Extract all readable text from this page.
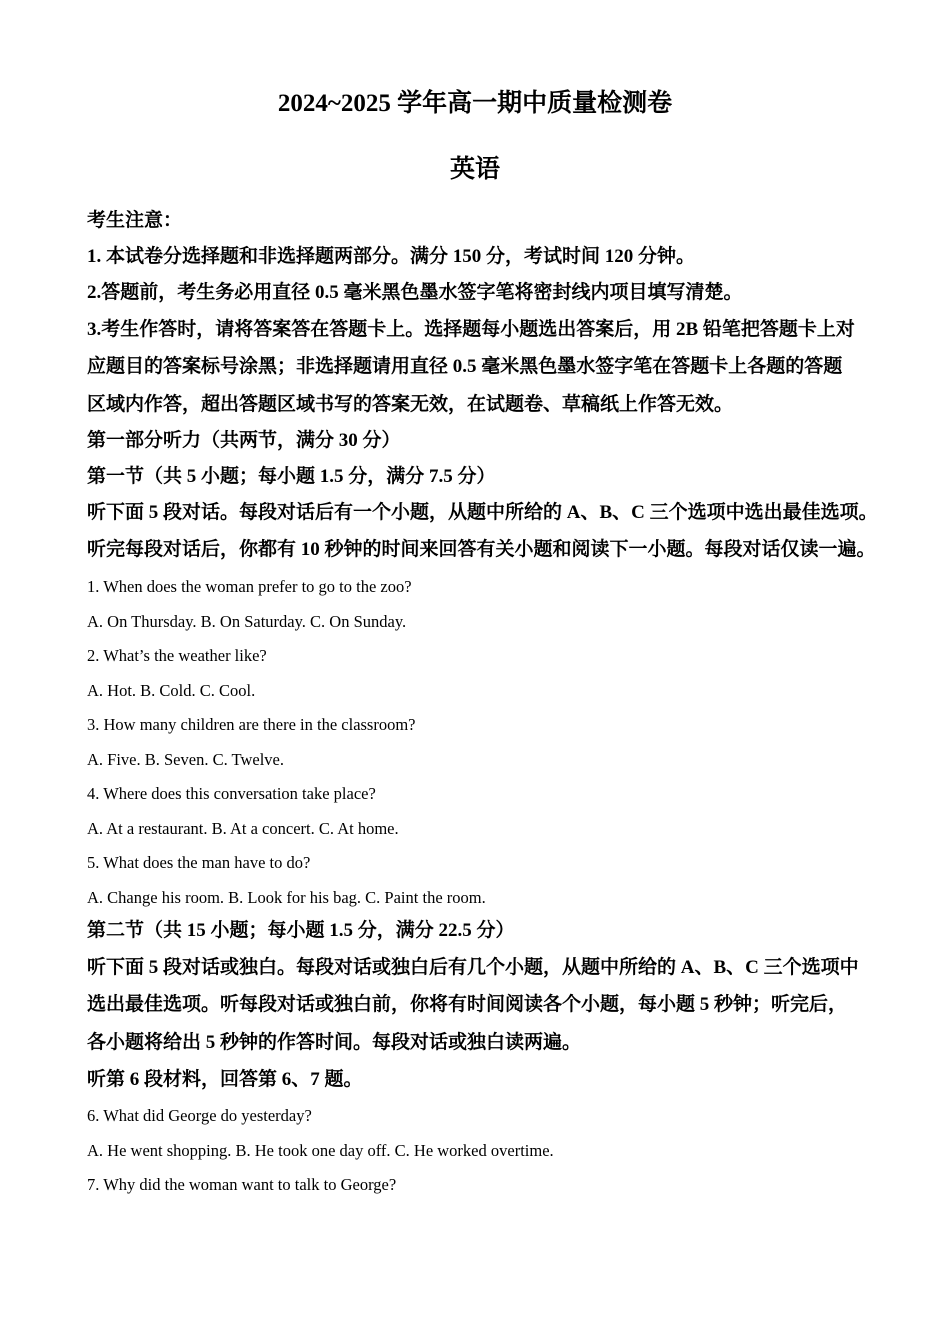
2024~2025 学年高一期中质量检测卷
英语

考生注意：

1. 本试卷分选择题和非选择题两部分。满分 150 分，考试时间 120 分钟。

2.答题前，考生务必用直径 0.5 毫米黑色墨水签字笔将密封线内项目填写清楚。

3.考生作答时，请将答案答在答题卡上。选择题每小题选出答案后，用 2B 铅笔把答题卡上对

应题目的答案标号涂黑；非选择题请用直径 0.5 毫米黑色墨水签字笔在答题卡上各题的答题

区域内作答，超出答题区域书写的答案无效，在试题卷、草稿纸上作答无效。

第一部分听力（共两节，满分 30 分）

第一节（共 5 小题；每小题 1.5 分，满分 7.5 分）

听下面 5 段对话。每段对话后有一个小题，从题中所给的 A、B、C 三个选项中选出最佳选项。

听完每段对话后，你都有 10 秒钟的时间来回答有关小题和阅读下一小题。每段对话仅读一遍。

1. When does the woman prefer to go to the zoo?

A. On Thursday. B. On Saturday. C. On Sunday.

2. What’s the weather like?

A. Hot. B. Cold. C. Cool.

3. How many children are there in the classroom?

A. Five. B. Seven. C. Twelve.

4. Where does this conversation take place?

A. At a restaurant. B. At a concert. C. At home.

5. What does the man have to do?

A. Change his room. B. Look for his bag. C. Paint the room.

第二节（共 15 小题；每小题 1.5 分，满分 22.5 分）

听下面 5 段对话或独白。每段对话或独白后有几个小题，从题中所给的 A、B、C 三个选项中

选出最佳选项。听每段对话或独白前，你将有时间阅读各个小题，每小题 5 秒钟；听完后，

各小题将给出 5 秒钟的作答时间。每段对话或独白读两遍。

听第 6 段材料，回答第 6、7 题。

6. What did George do yesterday?

A. He went shopping. B. He took one day off. C. He worked overtime.

7. Why did the woman want to talk to George?
